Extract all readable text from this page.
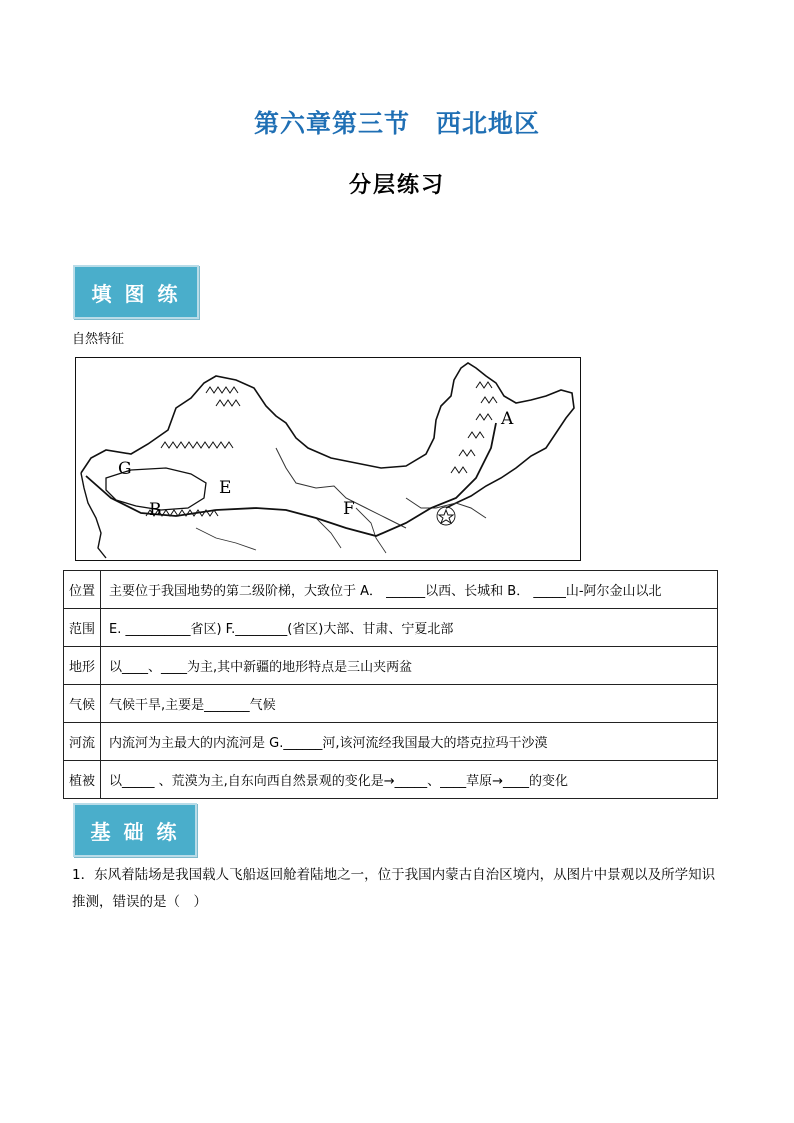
第六章第三节　西北地区
分层练习
填 图 练
自然特征
A
G
E
B	F
位置	主要位于我国地势的第二级阶梯，大致位于 A． ______以西、长城和 B． _____山-阿尔金山以北
范围	E. __________省区) F.________(省区)大部、甘肃、宁夏北部
地形	以____、____为主,其中新疆的地形特点是三山夹两盆
气候	气候干旱,主要是_______气候
河流	内流河为主最大的内流河是 G.______河,该河流经我国最大的塔克拉玛干沙漠
植被	以_____ 、荒漠为主,自东向西自然景观的变化是→_____、____草原→____的变化
基 础 练
1．东风着陆场是我国载人飞船返回舱着陆地之一，位于我国内蒙古自治区境内，从图片中景观以及所学知识推测，错误的是（　）
